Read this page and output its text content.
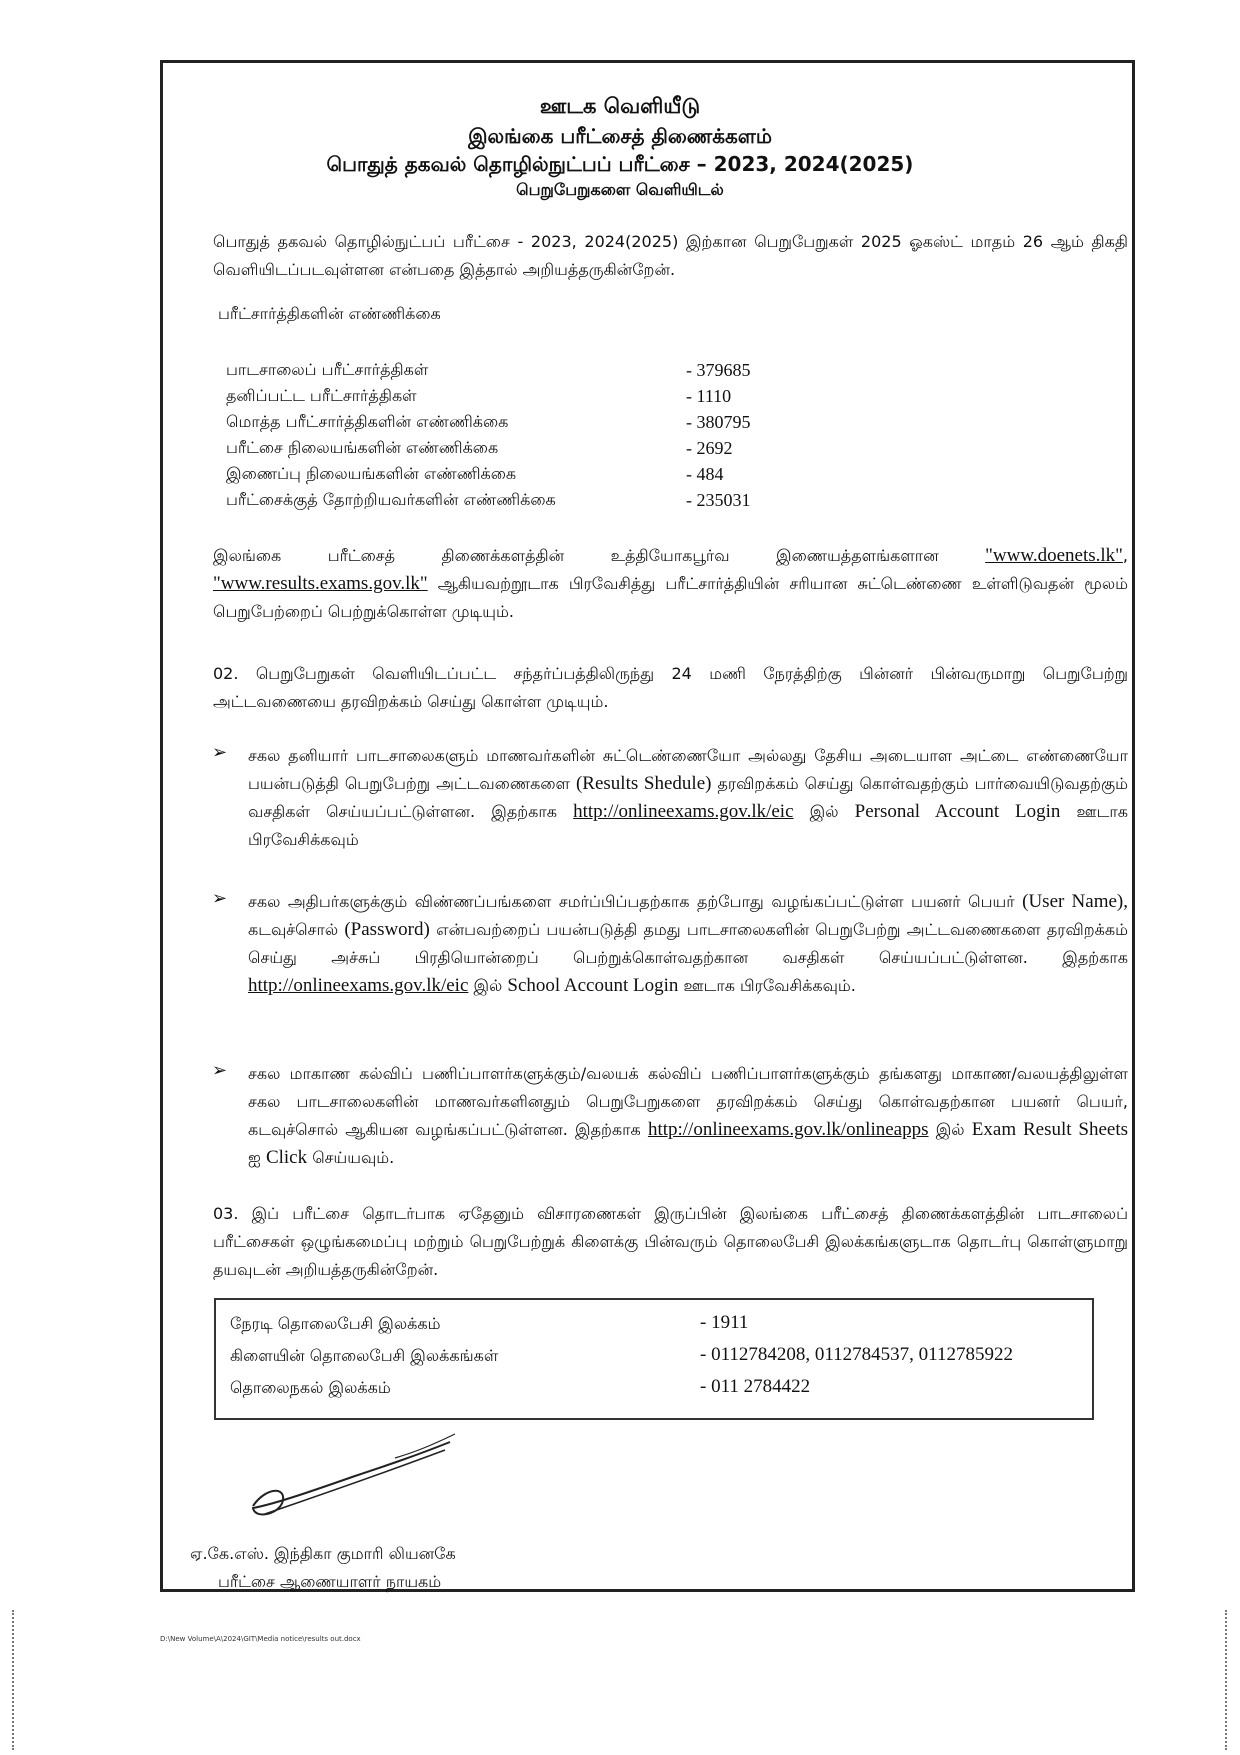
ஊடக வெளியீடு
இலங்கை பரீட்சைத் திணைக்களம்
பொதுத் தகவல் தொழில்நுட்பப் பரீட்சை – 2023, 2024(2025)
பெறுபேறுகளை வெளியிடல்
பொதுத் தகவல் தொழில்நுட்பப் பரீட்சை - 2023, 2024(2025) இற்கான பெறுபேறுகள் 2025 ஓகஸ்ட் மாதம் 26 ஆம் திகதி வெளியிடப்படவுள்ளன என்பதை இத்தால் அறியத்தருகின்றேன்.
பரீட்சார்த்திகளின் எண்ணிக்கை
பாடசாலைப் பரீட்சார்த்திகள்	- 379685
தனிப்பட்ட பரீட்சார்த்திகள்	- 1110
மொத்த பரீட்சார்த்திகளின் எண்ணிக்கை	- 380795
பரீட்சை நிலையங்களின் எண்ணிக்கை	- 2692
இணைப்பு நிலையங்களின் எண்ணிக்கை	- 484
பரீட்சைக்குத் தோற்றியவர்களின் எண்ணிக்கை	- 235031
இலங்கை பரீட்சைத் திணைக்களத்தின் உத்தியோகபூர்வ இணையத்தளங்களான "www.doenets.lk", "www.results.exams.gov.lk" ஆகியவற்றூடாக பிரவேசித்து பரீட்சார்த்தியின் சரியான சுட்டெண்ணை உள்ளிடுவதன் மூலம் பெறுபேற்றைப் பெற்றுக்கொள்ள முடியும்.
02. பெறுபேறுகள் வெளியிடப்பட்ட சந்தர்ப்பத்திலிருந்து 24 மணி நேரத்திற்கு பின்னர் பின்வருமாறு பெறுபேற்று அட்டவணையை தரவிறக்கம் செய்து கொள்ள முடியும்.
➢ சகல தனியார் பாடசாலைகளும் மாணவர்களின் சுட்டெண்ணையோ அல்லது தேசிய அடையாள அட்டை எண்ணையோ பயன்படுத்தி பெறுபேற்று அட்டவணைகளை (Results Shedule) தரவிறக்கம் செய்து கொள்வதற்கும் பார்வையிடுவதற்கும் வசதிகள் செய்யப்பட்டுள்ளன. இதற்காக http://onlineexams.gov.lk/eic இல் Personal Account Login ஊடாக பிரவேசிக்கவும்
➢ சகல அதிபர்களுக்கும் விண்ணப்பங்களை சமர்ப்பிப்பதற்காக தற்போது வழங்கப்பட்டுள்ள பயனர் பெயர் (User Name), கடவுச்சொல் (Password) என்பவற்றைப் பயன்படுத்தி தமது பாடசாலைகளின் பெறுபேற்று அட்டவணைகளை தரவிறக்கம் செய்து அச்சுப் பிரதியொன்றைப் பெற்றுக்கொள்வதற்கான வசதிகள் செய்யப்பட்டுள்ளன. இதற்காக http://onlineexams.gov.lk/eic இல் School Account Login ஊடாக பிரவேசிக்கவும்.
➢ சகல மாகாண கல்விப் பணிப்பாளர்களுக்கும்/வலயக் கல்விப் பணிப்பாளர்களுக்கும் தங்களது மாகாண/வலயத்திலுள்ள சகல பாடசாலைகளின் மாணவர்களினதும் பெறுபேறுகளை தரவிறக்கம் செய்து கொள்வதற்கான பயனர் பெயர், கடவுச்சொல் ஆகியன வழங்கப்பட்டுள்ளன. இதற்காக http://onlineexams.gov.lk/onlineapps இல் Exam Result Sheets ஐ Click செய்யவும்.
03. இப் பரீட்சை தொடர்பாக ஏதேனும் விசாரணைகள் இருப்பின் இலங்கை பரீட்சைத் திணைக்களத்தின் பாடசாலைப் பரீட்சைகள் ஒழுங்கமைப்பு மற்றும் பெறுபேற்றுக் கிளைக்கு பின்வரும் தொலைபேசி இலக்கங்களுடாக தொடர்பு கொள்ளுமாறு தயவுடன் அறியத்தருகின்றேன்.
நேரடி தொலைபேசி இலக்கம்	- 1911
கிளையின் தொலைபேசி இலக்கங்கள்	- 0112784208, 0112784537, 0112785922
தொலைநகல் இலக்கம்	- 011 2784422
ஏ.கே.எஸ். இந்திகா குமாரி லியனகே
பரீட்சை ஆணையாளர் நாயகம்
D:\New Volume\A\2024\GIT\Media notice\results out.docx
